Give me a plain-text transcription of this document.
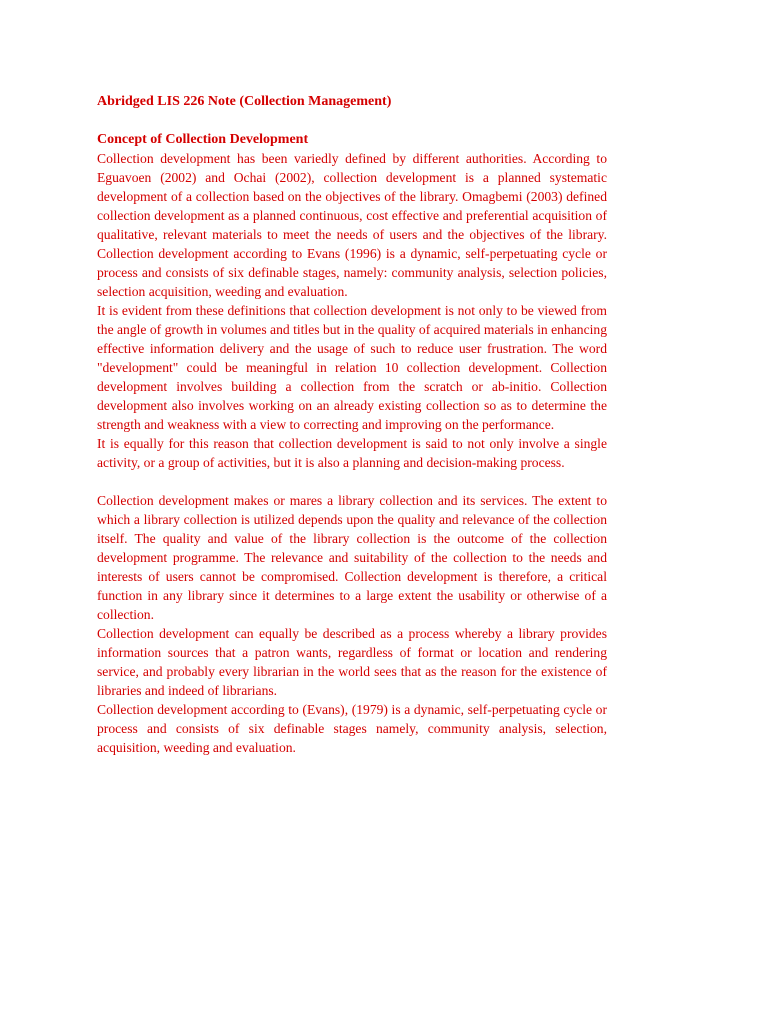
Abridged LIS 226 Note (Collection Management)

Concept of Collection Development

Collection development has been variedly defined by different authorities. According to Eguavoen (2002) and Ochai (2002), collection development is a planned systematic development of a collection based on the objectives of the library. Omagbemi (2003) defined collection development as a planned continuous, cost effective and preferential acquisition of qualitative, relevant materials to meet the needs of users and the objectives of the library. Collection development according to Evans (1996) is a dynamic, self-perpetuating cycle or process and consists of six definable stages, namely: community analysis, selection policies, selection acquisition, weeding and evaluation.

It is evident from these definitions that collection development is not only to be viewed from the angle of growth in volumes and titles but in the quality of acquired materials in enhancing effective information delivery and the usage of such to reduce user frustration. The word "development" could be meaningful in relation 10 collection development. Collection development involves building a collection from the scratch or ab-initio. Collection development also involves working on an already existing collection so as to determine the strength and weakness with a view to correcting and improving on the performance.

It is equally for this reason that collection development is said to not only involve a single activity, or a group of activities, but it is also a planning and decision-making process.

Collection development makes or mares a library collection and its services. The extent to which a library collection is utilized depends upon the quality and relevance of the collection itself. The quality and value of the library collection is the outcome of the collection development programme. The relevance and suitability of the collection to the needs and interests of users cannot be compromised. Collection development is therefore, a critical function in any library since it determines to a large extent the usability or otherwise of a collection.

Collection development can equally be described as a process whereby a library provides information sources that a patron wants, regardless of format or location and rendering service, and probably every librarian in the world sees that as the reason for the existence of libraries and indeed of librarians.

Collection development according to (Evans), (1979) is a dynamic, self-perpetuating cycle or process and consists of six definable stages namely, community analysis, selection, acquisition, weeding and evaluation.
